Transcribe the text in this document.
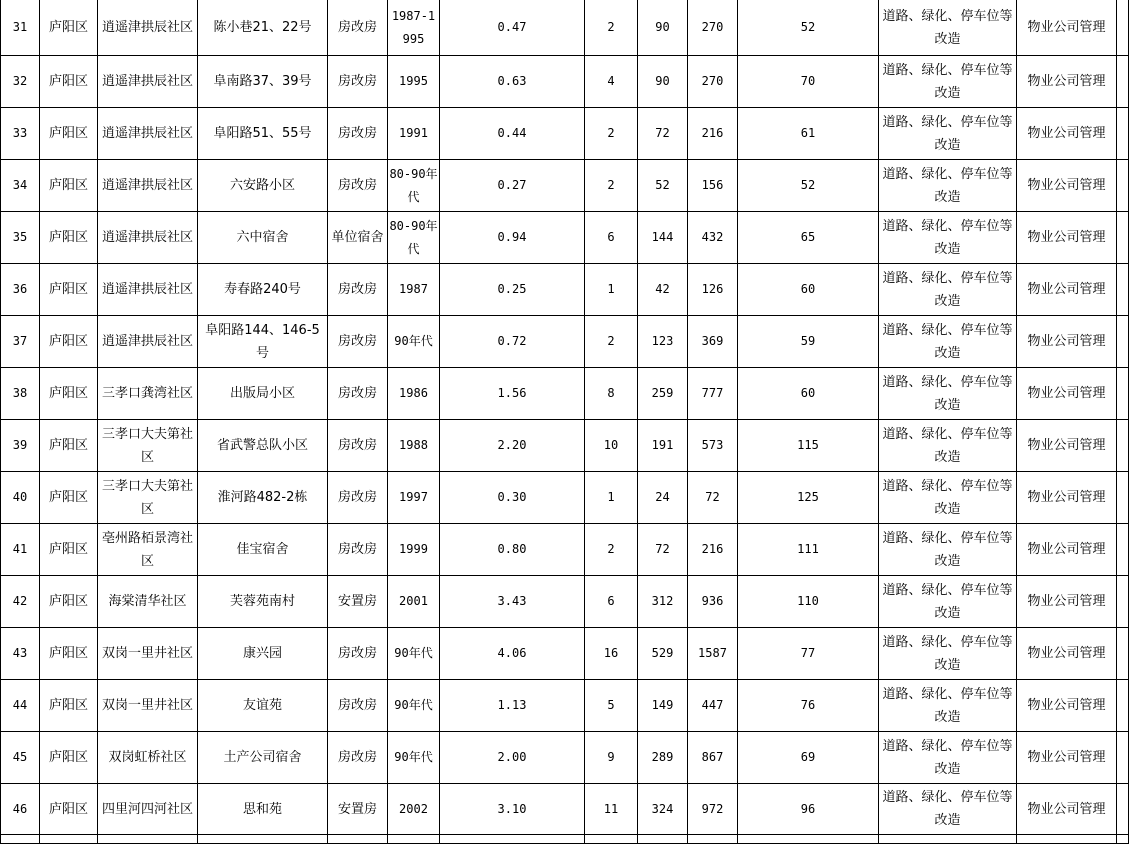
31	庐阳区	逍遥津拱辰社区	陈小巷21、22号	房改房	1987-1995	0.47	2	90	270	52	道路、绿化、停车位等改造	物业公司管理	
32	庐阳区	逍遥津拱辰社区	阜南路37、39号	房改房	1995	0.63	4	90	270	70	道路、绿化、停车位等改造	物业公司管理	
33	庐阳区	逍遥津拱辰社区	阜阳路51、55号	房改房	1991	0.44	2	72	216	61	道路、绿化、停车位等改造	物业公司管理	
34	庐阳区	逍遥津拱辰社区	六安路小区	房改房	80-90年代	0.27	2	52	156	52	道路、绿化、停车位等改造	物业公司管理	
35	庐阳区	逍遥津拱辰社区	六中宿舍	单位宿舍	80-90年代	0.94	6	144	432	65	道路、绿化、停车位等改造	物业公司管理	
36	庐阳区	逍遥津拱辰社区	寿春路240号	房改房	1987	0.25	1	42	126	60	道路、绿化、停车位等改造	物业公司管理	
37	庐阳区	逍遥津拱辰社区	阜阳路144、146-5号	房改房	90年代	0.72	2	123	369	59	道路、绿化、停车位等改造	物业公司管理	
38	庐阳区	三孝口龚湾社区	出版局小区	房改房	1986	1.56	8	259	777	60	道路、绿化、停车位等改造	物业公司管理	
39	庐阳区	三孝口大夫第社区	省武警总队小区	房改房	1988	2.20	10	191	573	115	道路、绿化、停车位等改造	物业公司管理	
40	庐阳区	三孝口大夫第社区	淮河路482-2栋	房改房	1997	0.30	1	24	72	125	道路、绿化、停车位等改造	物业公司管理	
41	庐阳区	亳州路栢景湾社区	佳宝宿舍	房改房	1999	0.80	2	72	216	111	道路、绿化、停车位等改造	物业公司管理	
42	庐阳区	海棠清华社区	芙蓉苑南村	安置房	2001	3.43	6	312	936	110	道路、绿化、停车位等改造	物业公司管理	
43	庐阳区	双岗一里井社区	康兴园	房改房	90年代	4.06	16	529	1587	77	道路、绿化、停车位等改造	物业公司管理	
44	庐阳区	双岗一里井社区	友谊苑	房改房	90年代	1.13	5	149	447	76	道路、绿化、停车位等改造	物业公司管理	
45	庐阳区	双岗虹桥社区	土产公司宿舍	房改房	90年代	2.00	9	289	867	69	道路、绿化、停车位等改造	物业公司管理	
46	庐阳区	四里河四河社区	思和苑	安置房	2002	3.10	11	324	972	96	道路、绿化、停车位等改造	物业公司管理	
